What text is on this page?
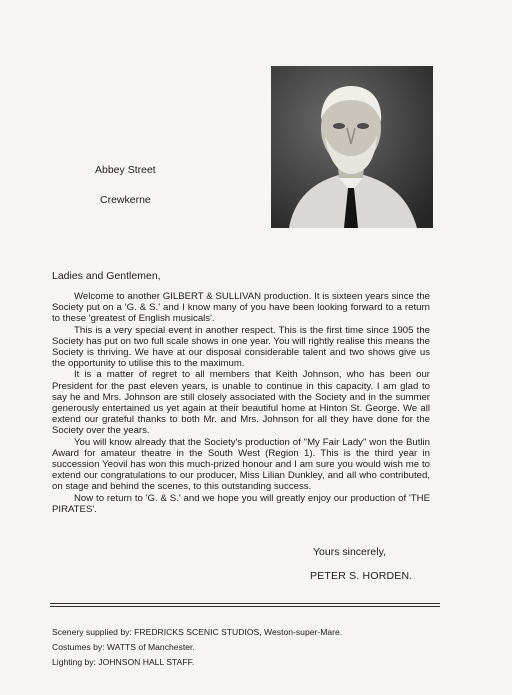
Abbey Street
Crewkerne
Ladies and Gentlemen,

Welcome to another GILBERT & SULLIVAN production. It is sixteen years since the Society put on a 'G. & S.' and I know many of you have been looking forward to a return to these 'greatest of English musicals'.

This is a very special event in another respect. This is the first time since 1905 the Society has put on two full scale shows in one year. You will rightly realise this means the Society is thriving. We have at our disposal considerable talent and two shows give us the opportunity to utilise this to the maximum.

It is a matter of regret to all members that Keith Johnson, who has been our President for the past eleven years, is unable to continue in this capacity. I am glad to say he and Mrs. Johnson are still closely associated with the Society and in the summer generously entertained us yet again at their beautiful home at Hinton St. George. We all extend our grateful thanks to both Mr. and Mrs. Johnson for all they have done for the Society over the years.

You will know already that the Society's production of "My Fair Lady" won the Butlin Award for amateur theatre in the South West (Region 1). This is the third year in succession Yeovil has won this much-prized honour and I am sure you would wish me to extend our congratulations to our producer, Miss Lilian Dunkley, and all who contributed, on stage and behind the scenes, to this outstanding success.

Now to return to 'G. & S.' and we hope you will greatly enjoy our production of 'THE PIRATES'.

Yours sincerely,
PETER S. HORDEN.
Scenery supplied by: FREDRICKS SCENIC STUDIOS, Weston-super-Mare.
Costumes by: WATTS of Manchester.
Lighting by: JOHNSON HALL STAFF.
